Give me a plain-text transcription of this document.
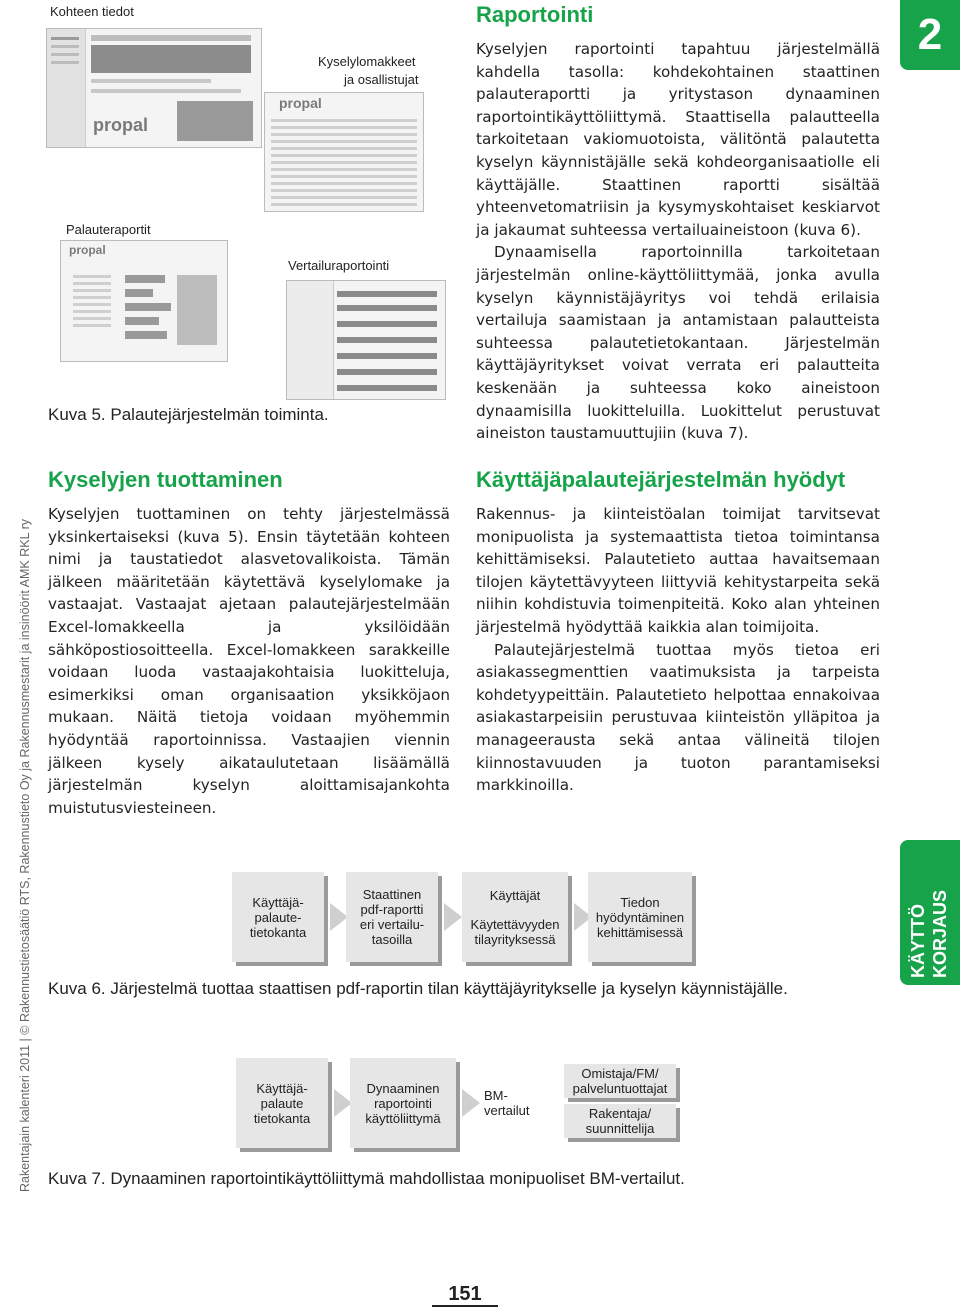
2
KÄYTTÖ KORJAUS
Rakentajain kalenteri 2011 | © Rakennustietosäätiö RTS, Rakennustieto Oy ja Rakennusmestarit ja insinöörit AMK RKL ry
Kohteen tiedot
Kyselylomakkeet
ja osallistujat
Palauteraportit
Vertailuraportointi
propal
propal
propal
Kuva 5. Palautejärjestelmän toiminta.
Raportointi

Kyselyjen raportointi tapahtuu järjestelmällä kahdella tasolla: kohdekohtainen staattinen palauteraportti ja yritystason dynaaminen raportointikäyttöliittymä. Staattisella palautteella tarkoitetaan vakiomuotoista, välitöntä palautetta kyselyn käynnistäjälle sekä kohdeorganisaatiolle eli käyttäjälle. Staattinen raportti sisältää yhteenvetomatriisin ja kysymyskohtaiset keskiarvot ja jakaumat suhteessa vertailuaineistoon (kuva 6).

Dynaamisella raportoinnilla tarkoitetaan järjestelmän online-käyttöliittymää, jonka avulla kyselyn käynnistäjäyritys voi tehdä erilaisia vertailuja saamistaan ja antamistaan palautteista suhteessa palautetietokantaan. Järjestelmän käyttäjäyritykset voivat verrata eri palautteita keskenään ja suhteessa koko aineistoon dynaamisilla luokitteluilla. Luokittelut perustuvat aineiston taustamuuttujiin (kuva 7).

Kyselyjen tuottaminen

Kyselyjen tuottaminen on tehty järjestelmässä yksinkertaiseksi (kuva 5). Ensin täytetään kohteen nimi ja taustatiedot alasvetovalikoista. Tämän jälkeen määritetään käytettävä kyselylomake ja vastaajat. Vastaajat ajetaan palautejärjestelmään Excel-lomakkeella ja yksilöidään sähköpostiosoitteella. Excel-lomakkeen sarakkeille voidaan luoda vastaajakohtaisia luokitteluja, esimerkiksi oman organisaation yksikköjaon mukaan. Näitä tietoja voidaan myöhemmin hyödyntää raportoinnissa. Vastaajien viennin jälkeen kysely aikataulutetaan lisäämällä järjestelmän kyselyn aloittamisajankohta muistutusviesteineen.

Käyttäjäpalautejärjestelmän hyödyt

Rakennus- ja kiinteistöalan toimijat tarvitsevat monipuolista ja systemaattista tietoa toimintansa kehittämiseksi. Palautetieto auttaa havaitsemaan tilojen käytettävyyteen liittyviä kehitystarpeita sekä niihin kohdistuvia toimenpiteitä. Koko alan yhteinen järjestelmä hyödyttää kaikkia alan toimijoita.

Palautejärjestelmä tuottaa myös tietoa eri asiakassegmenttien vaatimuksista ja tarpeista kohdetyypeittäin. Palautetieto helpottaa ennakoivaa asiakastarpeisiin perustuvaa kiinteistön ylläpitoa ja manageerausta sekä antaa välineitä tilojen kiinnostavuuden ja tuoton parantamiseksi markkinoilla.

Käyttäjä-
palaute-
tietokanta
Staattinen
pdf-raportti
eri vertailu-
tasoilla
Käyttäjät
Käytettävyyden
tilayrityksessä
Tiedon
hyödyntäminen
kehittämisessä
Kuva 6. Järjestelmä tuottaa staattisen pdf-raportin tilan käyttäjäyritykselle ja kyselyn käynnistäjälle.
Käyttäjä-
palaute
tietokanta
Dynaaminen
raportointi
käyttöliittymä
BM-
vertailut
Omistaja/FM/
palveluntuottajat
Rakentaja/
suunnittelija
Kuva 7. Dynaaminen raportointikäyttöliittymä mahdollistaa monipuoliset BM-vertailut.
151
